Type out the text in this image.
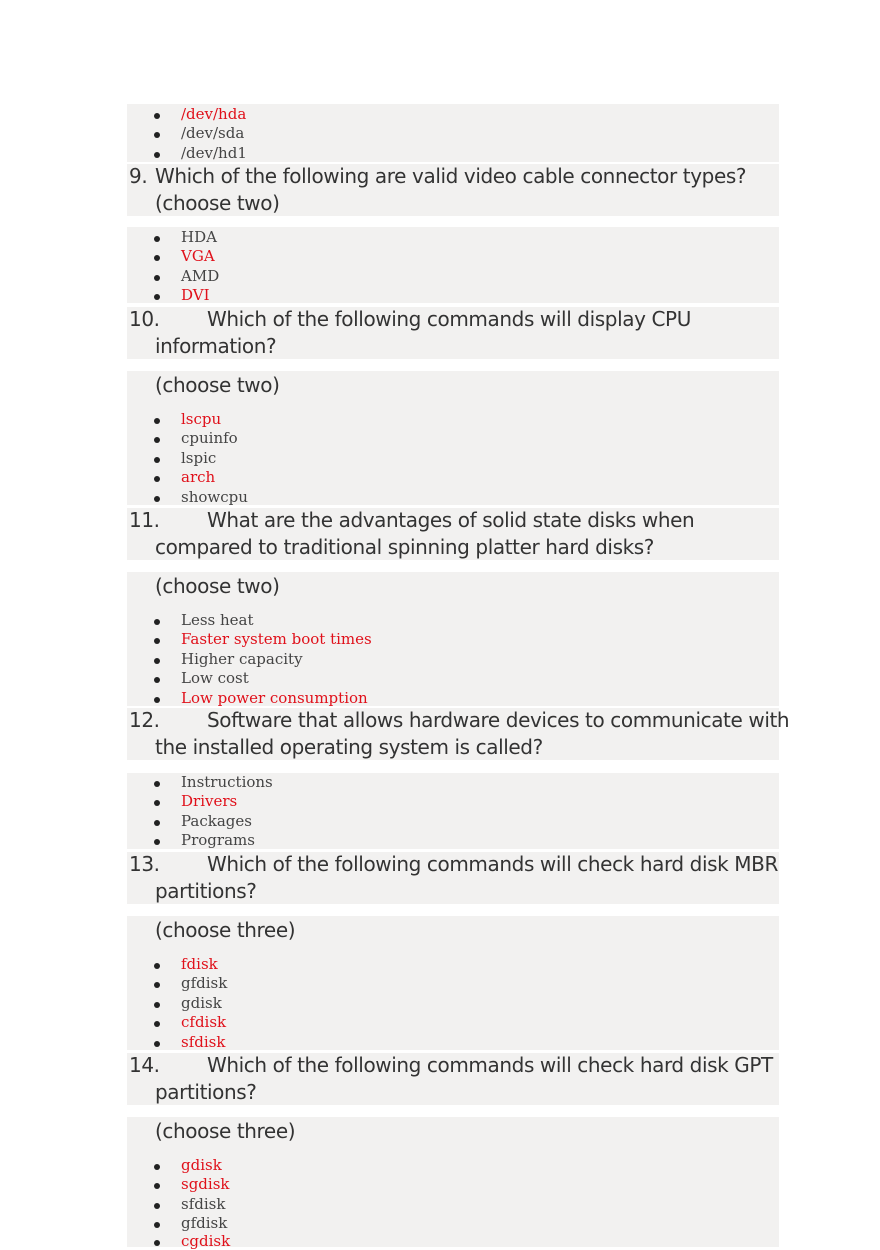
/dev/hda
/dev/sda
/dev/hd1
9. Which of the following are valid video cable connector types?
(choose two)
HDA
VGA
AMD
DVI
10. Which of the following commands will display CPU
information?
(choose two)
lscpu
cpuinfo
lspic
arch
showcpu
11. What are the advantages of solid state disks when
compared to traditional spinning platter hard disks?
(choose two)
Less heat
Faster system boot times
Higher capacity
Low cost
Low power consumption
12. Software that allows hardware devices to communicate with
the installed operating system is called?
Instructions
Drivers
Packages
Programs
13. Which of the following commands will check hard disk MBR
partitions?
(choose three)
fdisk
gfdisk
gdisk
cfdisk
sfdisk
14. Which of the following commands will check hard disk GPT
partitions?
(choose three)
gdisk
sgdisk
sfdisk
gfdisk
cgdisk
